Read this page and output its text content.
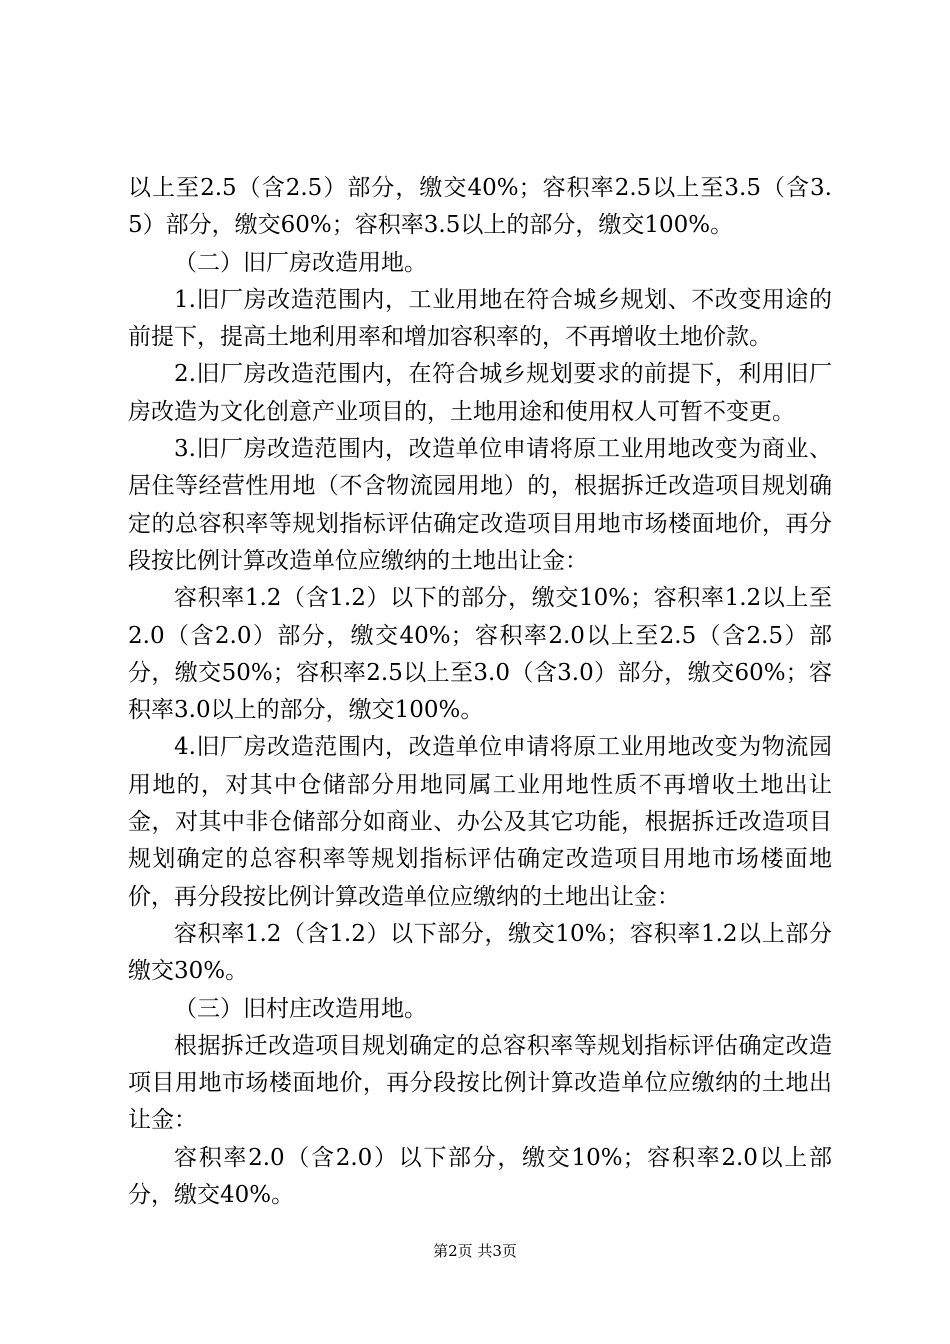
以上至2.5（含2.5）部分，缴交40%；容积率2.5以上至3.5（含3.5）部分，缴交60%；容积率3.5以上的部分，缴交100%。

（二）旧厂房改造用地。

1.旧厂房改造范围内，工业用地在符合城乡规划、不改变用途的前提下，提高土地利用率和增加容积率的，不再增收土地价款。

2.旧厂房改造范围内，在符合城乡规划要求的前提下，利用旧厂房改造为文化创意产业项目的，土地用途和使用权人可暂不变更。

3.旧厂房改造范围内，改造单位申请将原工业用地改变为商业、居住等经营性用地（不含物流园用地）的，根据拆迁改造项目规划确定的总容积率等规划指标评估确定改造项目用地市场楼面地价，再分段按比例计算改造单位应缴纳的土地出让金：

容积率1.2（含1.2）以下的部分，缴交10%；容积率1.2以上至2.0（含2.0）部分，缴交40%；容积率2.0以上至2.5（含2.5）部分，缴交50%；容积率2.5以上至3.0（含3.0）部分，缴交60%；容积率3.0以上的部分，缴交100%。

4.旧厂房改造范围内，改造单位申请将原工业用地改变为物流园用地的，对其中仓储部分用地同属工业用地性质不再增收土地出让金，对其中非仓储部分如商业、办公及其它功能，根据拆迁改造项目规划确定的总容积率等规划指标评估确定改造项目用地市场楼面地价，再分段按比例计算改造单位应缴纳的土地出让金：

容积率1.2（含1.2）以下部分，缴交10%；容积率1.2以上部分缴交30%。

（三）旧村庄改造用地。

根据拆迁改造项目规划确定的总容积率等规划指标评估确定改造项目用地市场楼面地价，再分段按比例计算改造单位应缴纳的土地出让金：

容积率2.0（含2.0）以下部分，缴交10%；容积率2.0以上部分，缴交40%。

第2页 共3页
